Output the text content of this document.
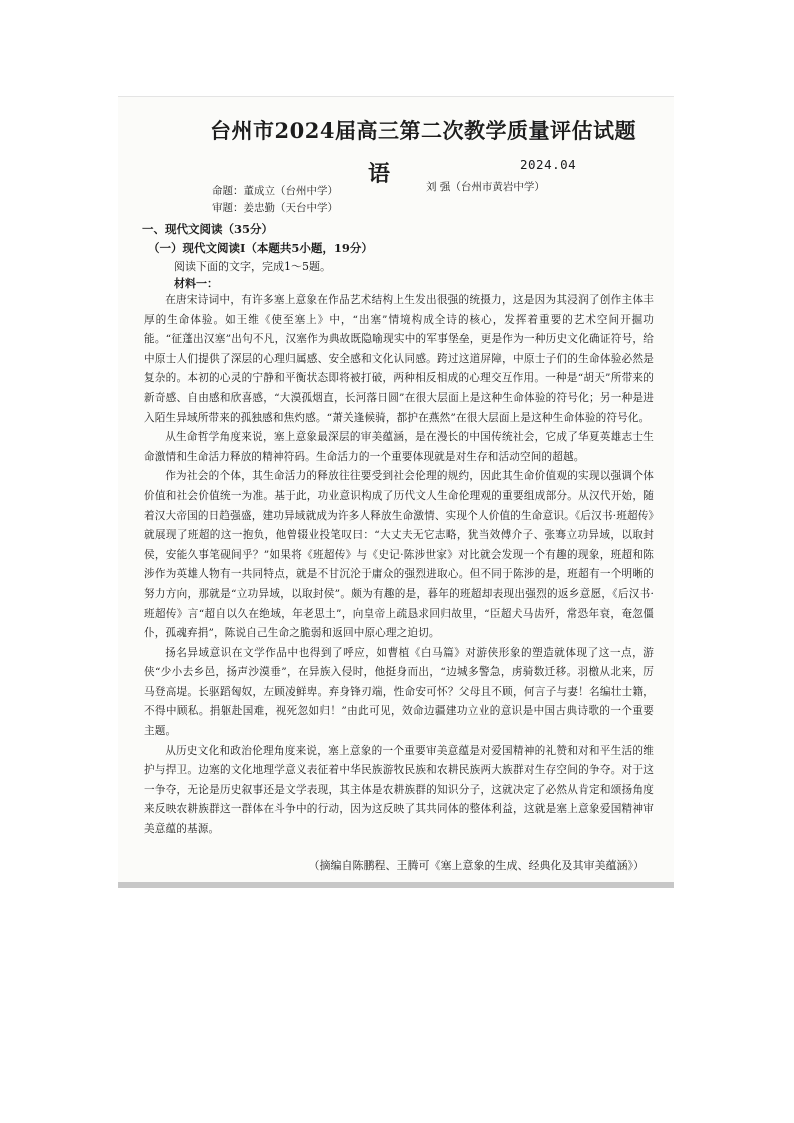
台州市2024届高三第二次教学质量评估试题
语	2024.04
命题：董成立（台州中学）	刘 强（台州市黄岩中学）
审题：姜忠勤（天台中学）
一、现代文阅读（35分）
（一）现代文阅读Ⅰ（本题共5小题，19分）
阅读下面的文字，完成1～5题。
材料一：

在唐宋诗词中，有许多塞上意象在作品艺术结构上生发出很强的统摄力，这是因为其浸润了创作主体丰厚的生命体验。如王维《使至塞上》中，“出塞”情境构成全诗的核心，发挥着重要的艺术空间开掘功能。“征蓬出汉塞”出句不凡，汉塞作为典故既隐喻现实中的军事堡垒，更是作为一种历史文化确证符号，给中原士人们提供了深层的心理归属感、安全感和文化认同感。跨过这道屏障，中原士子们的生命体验必然是复杂的。本初的心灵的宁静和平衡状态即将被打破，两种相反相成的心理交互作用。一种是“胡天”所带来的新奇感、自由感和欣喜感，“大漠孤烟直，长河落日圆”在很大层面上是这种生命体验的符号化；另一种是进入陌生异域所带来的孤独感和焦灼感。“萧关逢候骑，都护在燕然”在很大层面上是这种生命体验的符号化。

从生命哲学角度来说，塞上意象最深层的审美蕴涵，是在漫长的中国传统社会，它成了华夏英雄志士生命激情和生命活力释放的精神符码。生命活力的一个重要体现就是对生存和活动空间的超越。

作为社会的个体，其生命活力的释放往往要受到社会伦理的规约，因此其生命价值观的实现以强调个体价值和社会价值统一为准。基于此，功业意识构成了历代文人生命伦理观的重要组成部分。从汉代开始，随着汉大帝国的日趋强盛，建功异域就成为许多人释放生命激情、实现个人价值的生命意识。《后汉书·班超传》就展现了班超的这一抱负，他曾辍业投笔叹曰：“大丈夫无它志略，犹当效傅介子、张骞立功异域，以取封侯，安能久事笔砚间乎？”如果将《班超传》与《史记·陈涉世家》对比就会发现一个有趣的现象，班超和陈涉作为英雄人物有一共同特点，就是不甘沉沦于庸众的强烈进取心。但不同于陈涉的是，班超有一个明晰的努力方向，那就是“立功异域，以取封侯”。颇为有趣的是，暮年的班超却表现出强烈的返乡意愿，《后汉书·班超传》言“超自以久在绝域，年老思土”，向皇帝上疏恳求回归故里，“臣超犬马齿歼，常恐年衰，奄忽僵仆，孤魂弃捐”，陈说自己生命之脆弱和返回中原心理之迫切。

扬名异域意识在文学作品中也得到了呼应，如曹植《白马篇》对游侠形象的塑造就体现了这一点，游侠“少小去乡邑，扬声沙漠垂”，在异族入侵时，他挺身而出，“边城多警急，虏骑数迁移。羽檄从北来，厉马登高堤。长驱蹈匈奴，左顾凌鲜卑。弃身锋刃端，性命安可怀？父母且不顾，何言子与妻！名编壮士籍，不得中顾私。捐躯赴国难，视死忽如归！”由此可见，效命边疆建功立业的意识是中国古典诗歌的一个重要主题。

从历史文化和政治伦理角度来说，塞上意象的一个重要审美意蕴是对爱国精神的礼赞和对和平生活的维护与捍卫。边塞的文化地理学意义表征着中华民族游牧民族和农耕民族两大族群对生存空间的争夺。对于这一争夺，无论是历史叙事还是文学表现，其主体是农耕族群的知识分子，这就决定了必然从肯定和颂扬角度来反映农耕族群这一群体在斗争中的行动，因为这反映了其共同体的整体利益，这就是塞上意象爱国精神审美意蕴的基源。

（摘编自陈鹏程、王腾可《塞上意象的生成、经典化及其审美蕴涵》）
